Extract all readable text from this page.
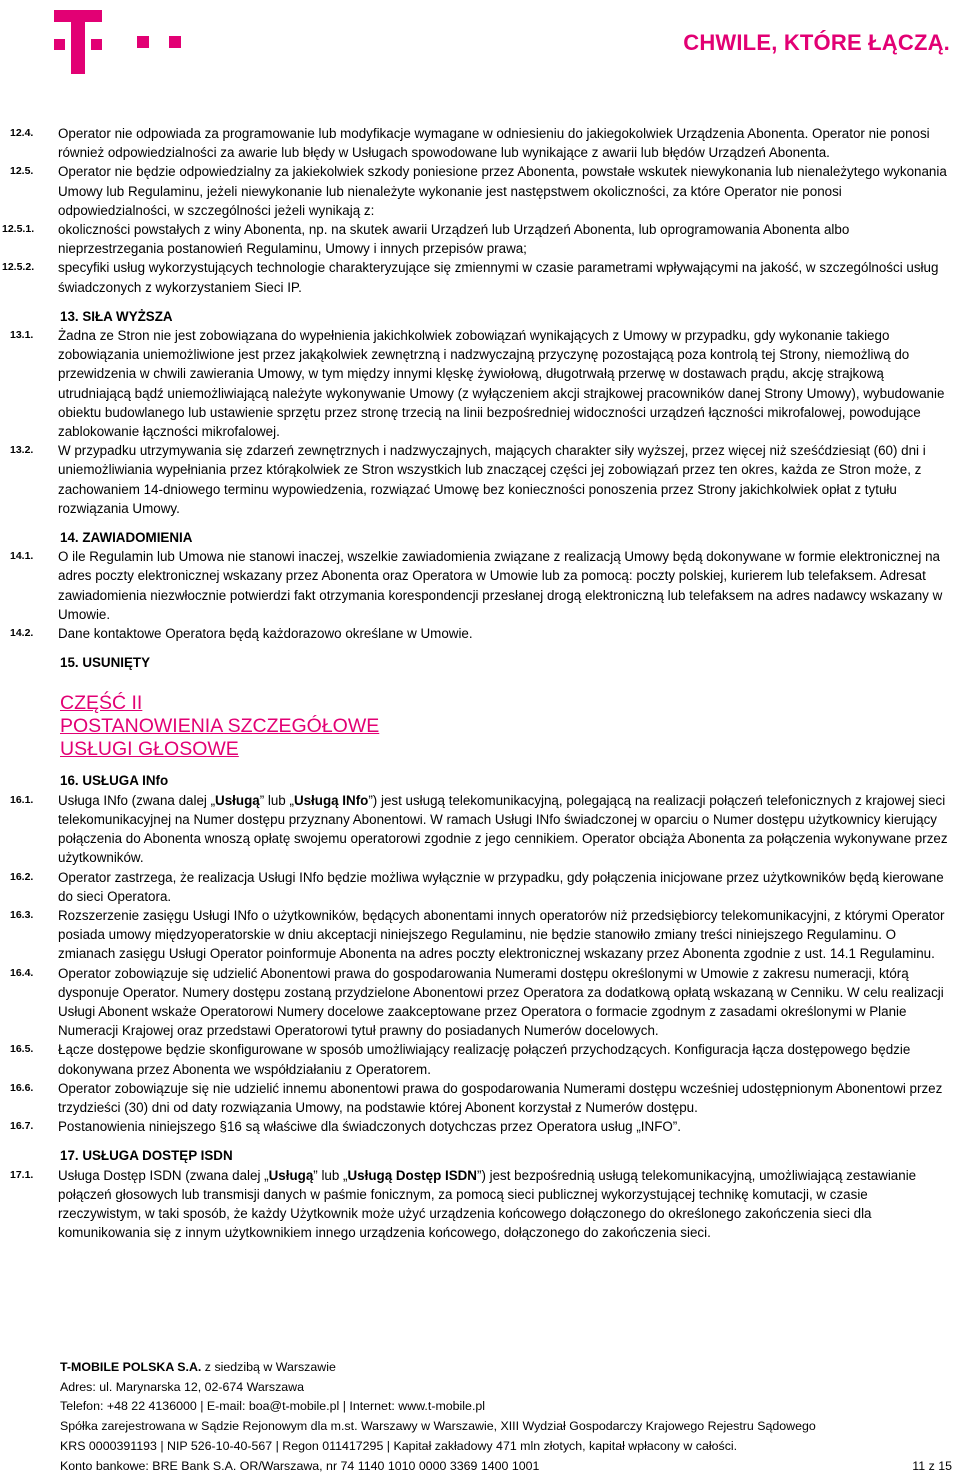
CHWILE, KTÓRE ŁĄCZĄ.
12.4.	Operator nie odpowiada za programowanie lub modyfikacje wymagane w odniesieniu do jakiegokolwiek Urządzenia Abonenta. Operator nie ponosi również odpowiedzialności za awarie lub błędy w Usługach spowodowane lub wynikające z awarii lub błędów Urządzeń Abonenta.
12.5.	Operator nie będzie odpowiedzialny za jakiekolwiek szkody poniesione przez Abonenta, powstałe wskutek niewykonania lub nienależytego wykonania Umowy lub Regulaminu, jeżeli niewykonanie lub nienależyte wykonanie jest następstwem okoliczności, za które Operator nie ponosi odpowiedzialności, w szczególności jeżeli wynikają z:
12.5.1.	okoliczności powstałych z winy Abonenta, np. na skutek awarii Urządzeń lub Urządzeń Abonenta, lub oprogramowania Abonenta albo nieprzestrzegania postanowień Regulaminu, Umowy i innych przepisów prawa;
12.5.2.	specyfiki usług wykorzystujących technologie charakteryzujące się zmiennymi w czasie parametrami wpływającymi na jakość, w szczególności usług świadczonych z wykorzystaniem Sieci IP.
13. SIŁA WYŻSZA
13.1.	Żadna ze Stron nie jest zobowiązana do wypełnienia jakichkolwiek zobowiązań wynikających z Umowy w przypadku, gdy wykonanie takiego zobowiązania uniemożliwione jest przez jakąkolwiek zewnętrzną i nadzwyczajną przyczynę pozostającą poza kontrolą tej Strony, niemożliwą do przewidzenia w chwili zawierania Umowy, w tym między innymi klęskę żywiołową, długotrwałą przerwę w dostawach prądu, akcję strajkową utrudniającą bądź uniemożliwiającą należyte wykonywanie Umowy (z wyłączeniem akcji strajkowej pracowników danej Strony Umowy), wybudowanie obiektu budowlanego lub ustawienie sprzętu przez stronę trzecią na linii bezpośredniej widoczności urządzeń łączności mikrofalowej, powodujące zablokowanie łączności mikrofalowej.
13.2.	W przypadku utrzymywania się zdarzeń zewnętrznych i nadzwyczajnych, mających charakter siły wyższej, przez więcej niż sześćdziesiąt (60) dni i uniemożliwiania wypełniania przez którąkolwiek ze Stron wszystkich lub znaczącej części jej zobowiązań przez ten okres, każda ze Stron może, z zachowaniem 14-dniowego terminu wypowiedzenia, rozwiązać Umowę bez konieczności ponoszenia przez Strony jakichkolwiek opłat z tytułu rozwiązania Umowy.
14. ZAWIADOMIENIA
14.1.	O ile Regulamin lub Umowa nie stanowi inaczej, wszelkie zawiadomienia związane z realizacją Umowy będą dokonywane w formie elektronicznej na adres poczty elektronicznej wskazany przez Abonenta oraz Operatora w Umowie lub za pomocą: poczty polskiej, kurierem lub telefaksem. Adresat zawiadomienia niezwłocznie potwierdzi fakt otrzymania korespondencji przesłanej drogą elektroniczną lub telefaksem na adres nadawcy wskazany w Umowie.
14.2.	Dane kontaktowe Operatora będą każdorazowo określane w Umowie.
15. USUNIĘTY
CZĘŚĆ II
POSTANOWIENIA SZCZEGÓŁOWE
USŁUGI GŁOSOWE
16. USŁUGA INfo
16.1.	Usługa INfo (zwana dalej „Usługą” lub „Usługą INfo”) jest usługą telekomunikacyjną, polegającą na realizacji połączeń telefonicznych z krajowej sieci telekomunikacyjnej na Numer dostępu przyznany Abonentowi. W ramach Usługi INfo świadczonej w oparciu o Numer dostępu użytkownicy kierujący połączenia do Abonenta wnoszą opłatę swojemu operatorowi zgodnie z jego cennikiem. Operator obciąża Abonenta za połączenia wykonywane przez użytkowników.
16.2.	Operator zastrzega, że realizacja Usługi INfo będzie możliwa wyłącznie w przypadku, gdy połączenia inicjowane przez użytkowników będą kierowane do sieci Operatora.
16.3.	Rozszerzenie zasięgu Usługi INfo o użytkowników, będących abonentami innych operatorów niż przedsiębiorcy telekomunikacyjni, z którymi Operator posiada umowy międzyoperatorskie w dniu akceptacji niniejszego Regulaminu, nie będzie stanowiło zmiany treści niniejszego Regulaminu. O zmianach zasięgu Usługi Operator poinformuje Abonenta na adres poczty elektronicznej wskazany przez Abonenta zgodnie z ust. 14.1 Regulaminu.
16.4.	Operator zobowiązuje się udzielić Abonentowi prawa do gospodarowania Numerami dostępu określonymi w Umowie z zakresu numeracji, którą dysponuje Operator. Numery dostępu zostaną przydzielone Abonentowi przez Operatora za dodatkową opłatą wskazaną w Cenniku. W celu realizacji Usługi Abonent wskaże Operatorowi Numery docelowe zaakceptowane przez Operatora o formacie zgodnym z zasadami określonymi w Planie Numeracji Krajowej oraz przedstawi Operatorowi tytuł prawny do posiadanych Numerów docelowych.
16.5.	Łącze dostępowe będzie skonfigurowane w sposób umożliwiający realizację połączeń przychodzących. Konfiguracja łącza dostępowego będzie dokonywana przez Abonenta we współdziałaniu z Operatorem.
16.6.	Operator zobowiązuje się nie udzielić innemu abonentowi prawa do gospodarowania Numerami dostępu wcześniej udostępnionym Abonentowi przez trzydzieści (30) dni od daty rozwiązania Umowy, na podstawie której Abonent korzystał z Numerów dostępu.
16.7.	Postanowienia niniejszego §16 są właściwe dla świadczonych dotychczas przez Operatora usług „INFO”.
17. USŁUGA DOSTĘP ISDN
17.1.	Usługa Dostęp ISDN (zwana dalej „Usługą” lub „Usługą Dostęp ISDN”) jest bezpośrednią usługą telekomunikacyjną, umożliwiającą zestawianie połączeń głosowych lub transmisji danych w paśmie fonicznym, za pomocą sieci publicznej wykorzystującej technikę komutacji, w czasie rzeczywistym, w taki sposób, że każdy Użytkownik może użyć urządzenia końcowego dołączonego do określonego zakończenia sieci dla komunikowania się z innym użytkownikiem innego urządzenia końcowego, dołączonego do zakończenia sieci.
T-MOBILE POLSKA S.A. z siedzibą w Warszawie
Adres: ul. Marynarska 12, 02-674 Warszawa
Telefon: +48 22 4136000 | E-mail: boa@t-mobile.pl | Internet: www.t-mobile.pl
Spółka zarejestrowana w Sądzie Rejonowym dla m.st. Warszawy w Warszawie, XIII Wydział Gospodarczy Krajowego Rejestru Sądowego
KRS 0000391193 | NIP 526-10-40-567 | Regon 011417295 | Kapitał zakładowy 471 mln złotych, kapitał wpłacony w całości.
Konto bankowe: BRE Bank S.A. OR/Warszawa, nr 74 1140 1010 0000 3369 1400 1001	11 z 15
